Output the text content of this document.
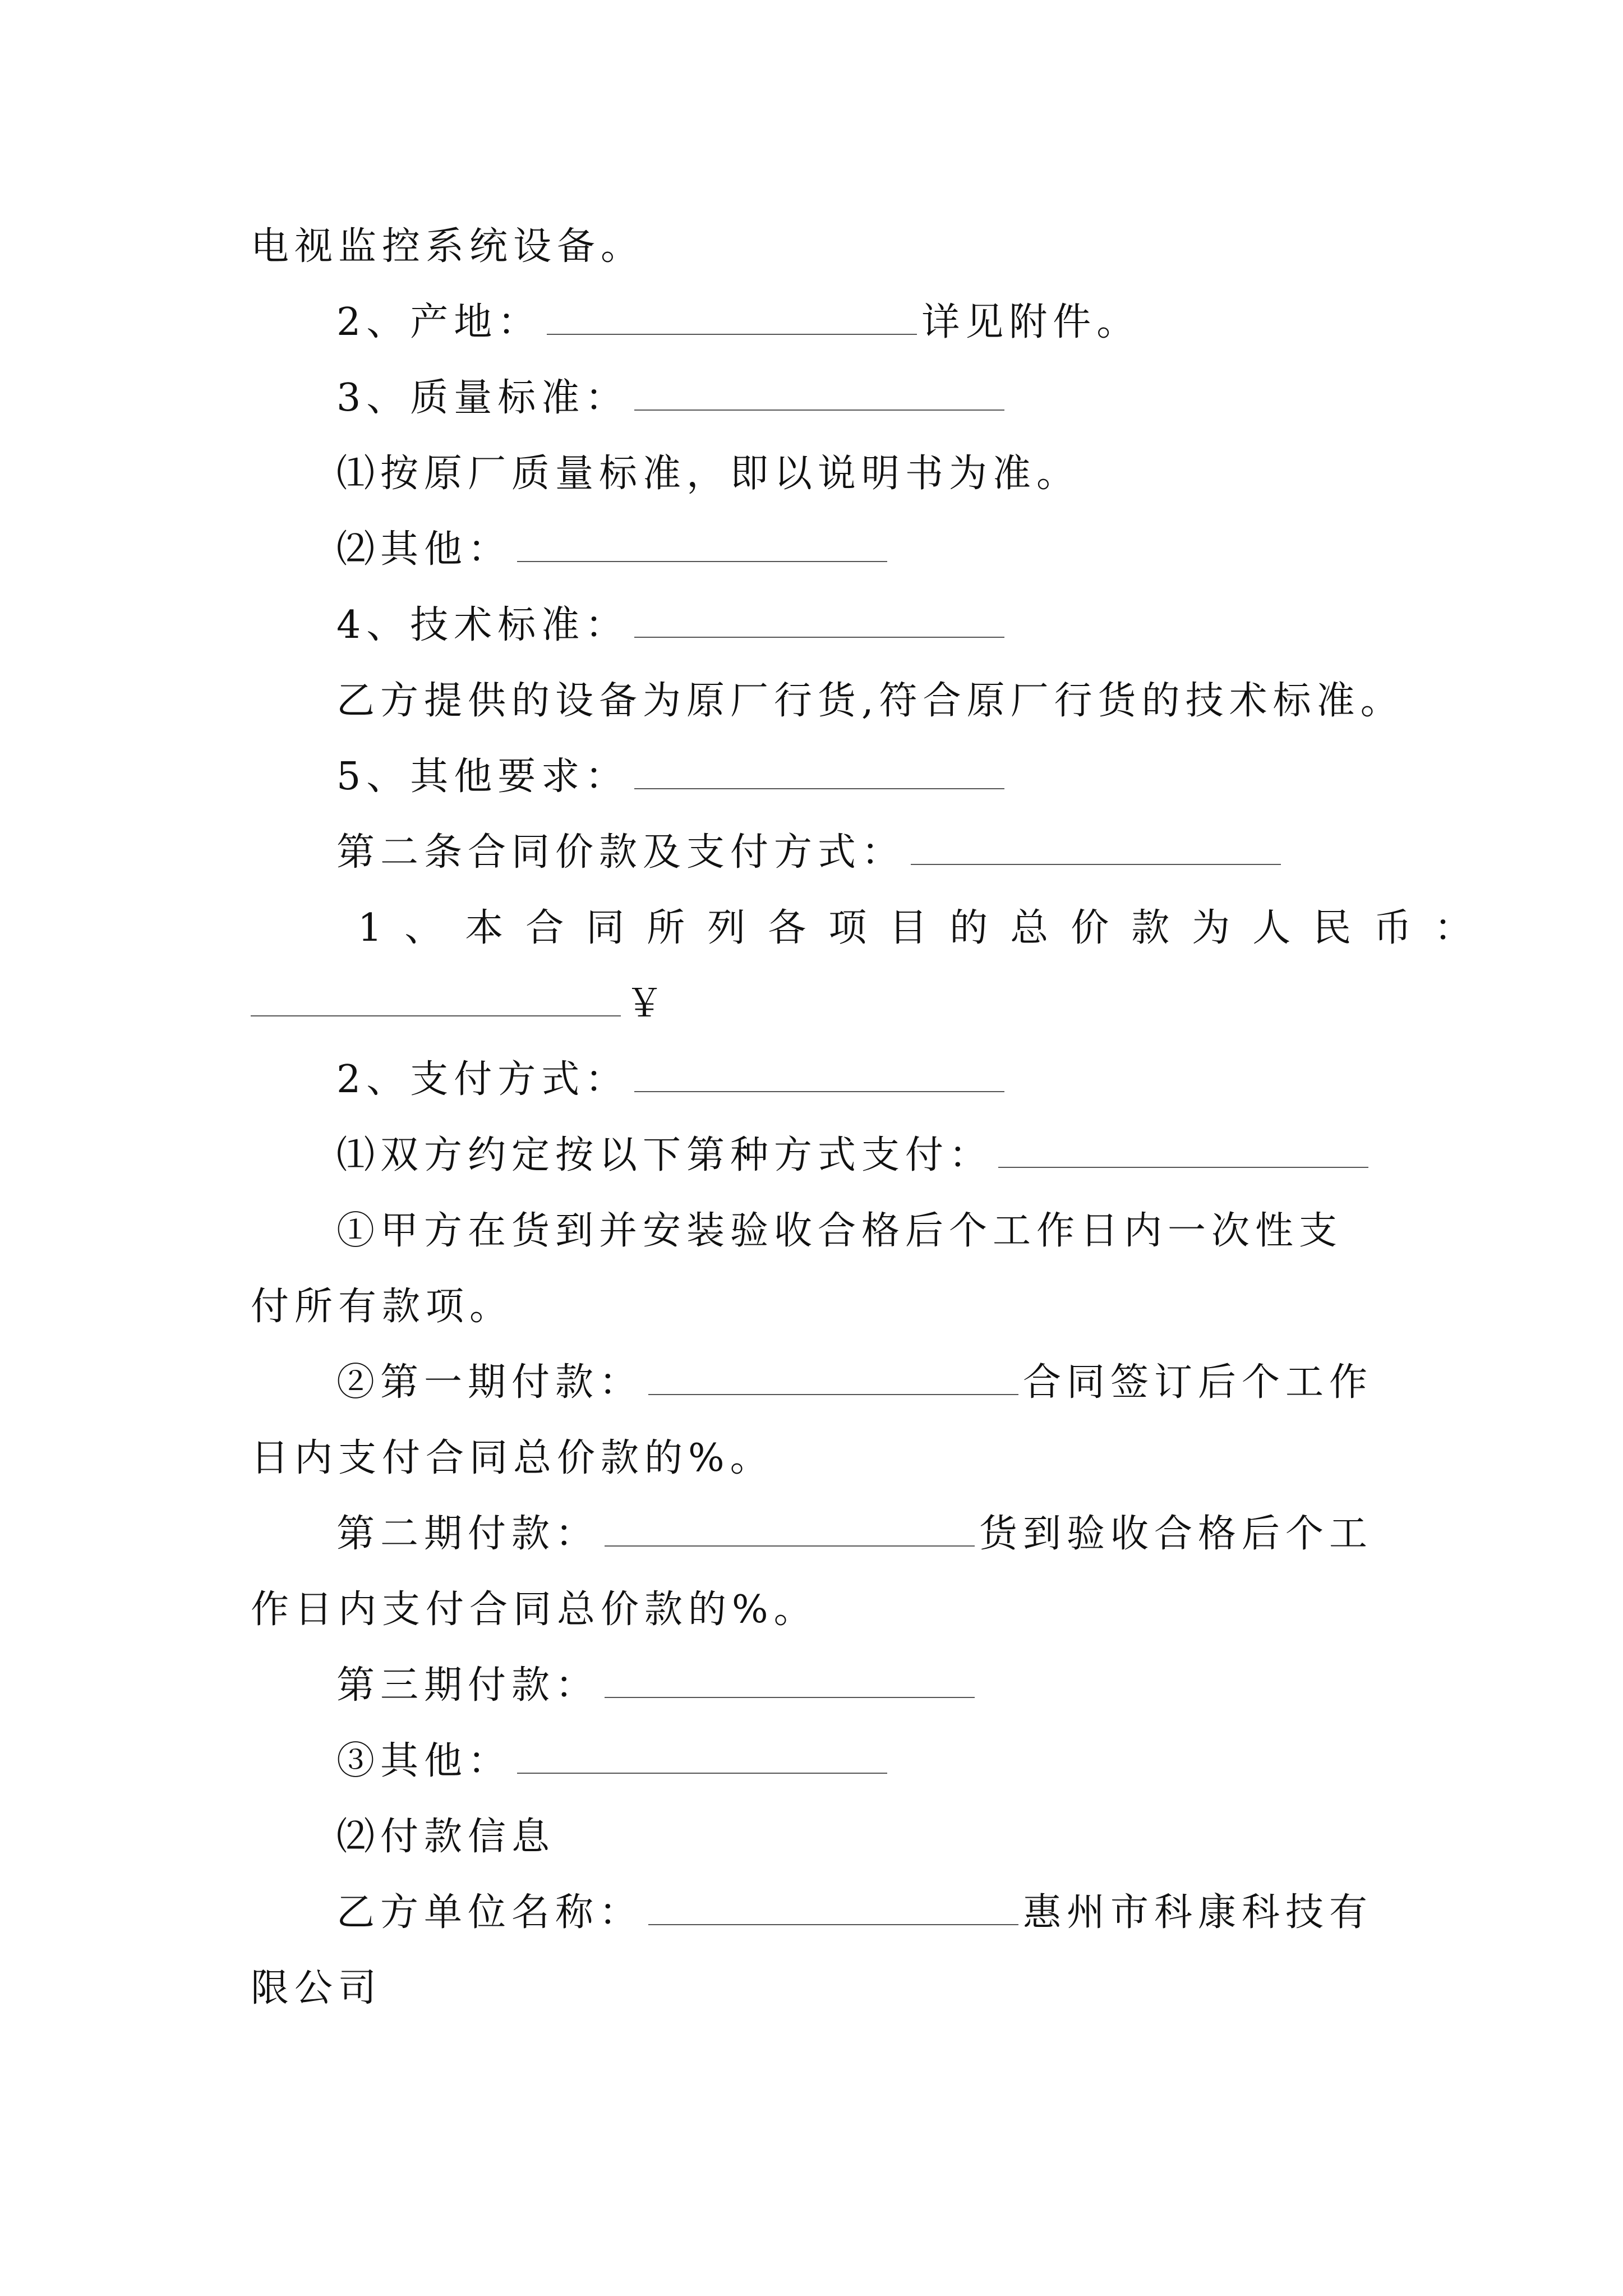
电视监控系统设备。
2、产地：	详见附件。
3、质量标准：
⑴按原厂质量标准，即以说明书为准。
⑵其他：
4、技术标准：
乙方提供的设备为原厂行货,符合原厂行货的技术标准。
5、其他要求：
第二条合同价款及支付方式：
1、本合同所列各项目的总价款为人民币：
￥
2、支付方式：
⑴双方约定按以下第种方式支付：
①甲方在货到并安装验收合格后个工作日内一次性支
付所有款项。
②第一期付款：	合同签订后个工作
日内支付合同总价款的%。
第二期付款：	货到验收合格后个工
作日内支付合同总价款的%。
第三期付款：
③其他：
⑵付款信息
乙方单位名称：	惠州市科康科技有
限公司
